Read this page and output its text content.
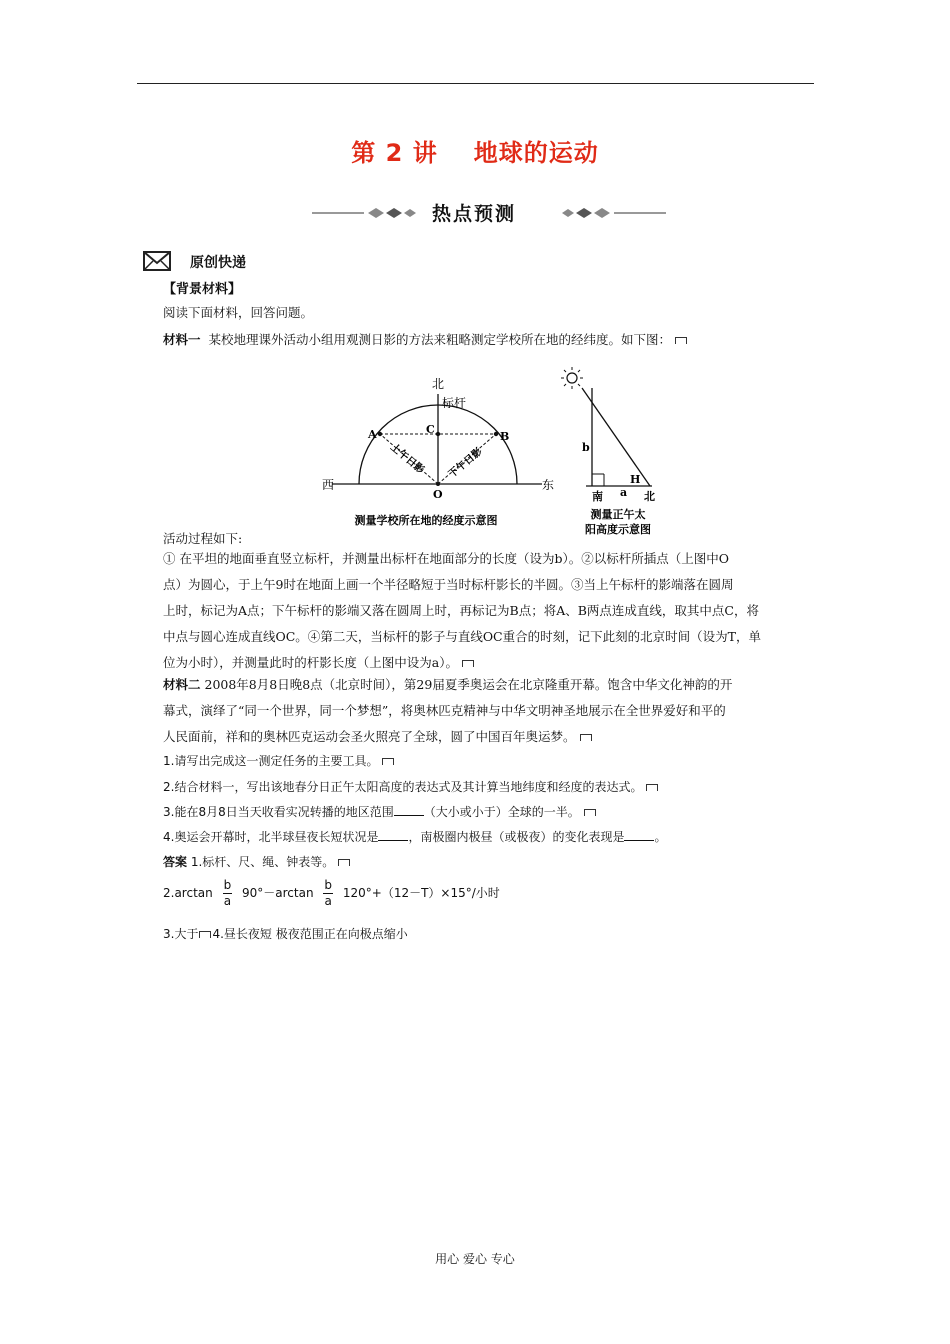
第 2 讲 地球的运动
热点预测
原创快递
【背景材料】
阅读下面材料，回答问题。
材料一 某校地理课外活动小组用观测日影的方法来粗略测定学校所在地的经纬度。如下图：
北
标杆
西	东
A	B
C
O
上午日影 下午日影
测量学校所在地的经度示意图
b
H
a
南	北
测量正午太
阳高度示意图
活动过程如下:
① 在平坦的地面垂直竖立标杆，并测量出标杆在地面部分的长度（设为b）。②以标杆所插点（上图中O
点）为圆心，于上午9时在地面上画一个半径略短于当时标杆影长的半圆。③当上午标杆的影端落在圆周
上时，标记为A点；下午标杆的影端又落在圆周上时，再标记为B点；将A、B两点连成直线，取其中点C，将
中点与圆心连成直线OC。④第二天，当标杆的影子与直线OC重合的时刻，记下此刻的北京时间（设为T，单
位为小时），并测量此时的杆影长度（上图中设为a）。
材料二 2008年8月8日晚8点（北京时间），第29届夏季奥运会在北京隆重开幕。饱含中华文化神韵的开
幕式，演绎了“同一个世界，同一个梦想”，将奥林匹克精神与中华文明神圣地展示在全世界爱好和平的
人民面前，祥和的奥林匹克运动会圣火照亮了全球，圆了中国百年奥运梦。
1.请写出完成这一测定任务的主要工具。
2.结合材料一，写出该地春分日正午太阳高度的表达式及其计算当地纬度和经度的表达式。
3.能在8月8日当天收看实况转播的地区范围	（大小或小于）全球的一半。
4.奥运会开幕时，北半球昼夜长短状况是	，南极圈内极昼（或极夜）的变化表现是	。
答案 1.标杆、尺、绳、钟表等。
$2.\arctan \frac{b}{a} 90^\circ-\arctan \frac{b}{a} 120^\circ+(12-T)\times 15^\circ/$小时
3.大于 4.昼长夜短 极夜范围正在向极点缩小
用心 爱心 专心
